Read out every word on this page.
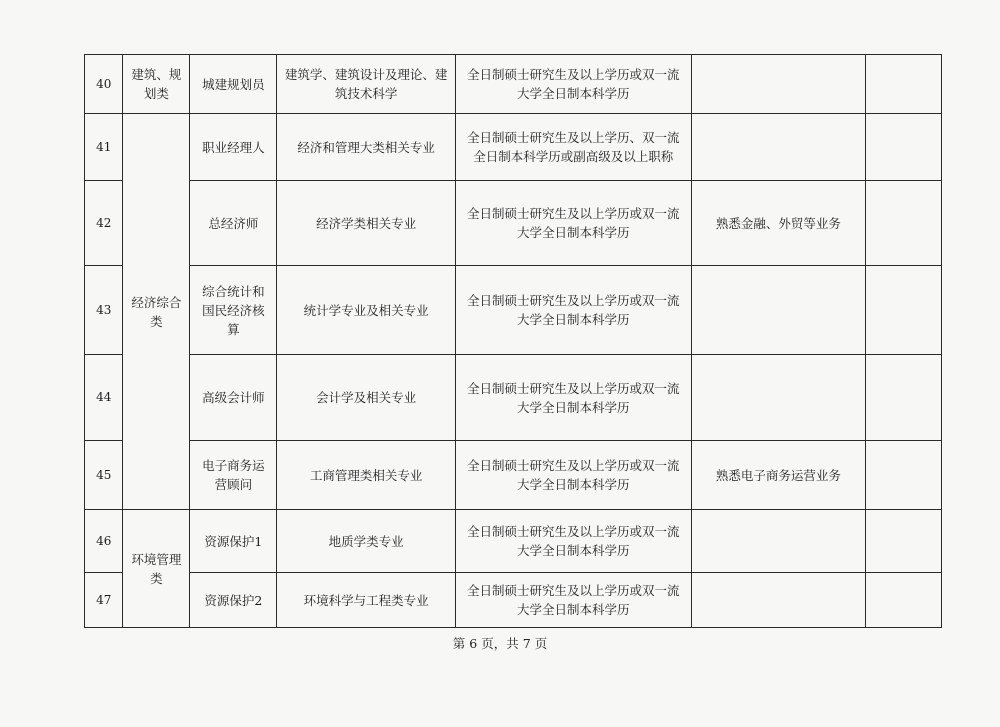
40	建筑、规划类	城建规划员	建筑学、建筑设计及理论、建筑技术科学	全日制硕士研究生及以上学历或双一流大学全日制本科学历		
41	经济综合类	职业经理人	经济和管理大类相关专业	全日制硕士研究生及以上学历、双一流全日制本科学历或副高级及以上职称		
42		总经济师	经济学类相关专业	全日制硕士研究生及以上学历或双一流大学全日制本科学历	熟悉金融、外贸等业务	
43		综合统计和国民经济核算	统计学专业及相关专业	全日制硕士研究生及以上学历或双一流大学全日制本科学历		
44		高级会计师	会计学及相关专业	全日制硕士研究生及以上学历或双一流大学全日制本科学历		
45		电子商务运营顾问	工商管理类相关专业	全日制硕士研究生及以上学历或双一流大学全日制本科学历	熟悉电子商务运营业务	
46	环境管理类	资源保护1	地质学类专业	全日制硕士研究生及以上学历或双一流大学全日制本科学历		
47		资源保护2	环境科学与工程类专业	全日制硕士研究生及以上学历或双一流大学全日制本科学历		
第 6 页，共 7 页
